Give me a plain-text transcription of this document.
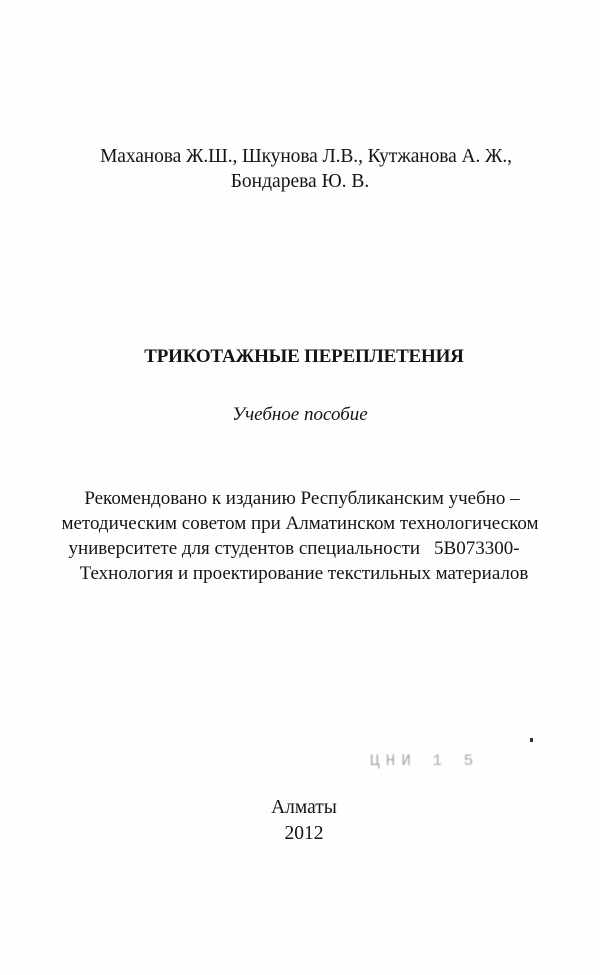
Маханова Ж.Ш., Шкунова Л.В., Кутжанова А. Ж.,
Бондарева Ю. В.
ТРИКОТАЖНЫЕ ПЕРЕПЛЕТЕНИЯ
Учебное пособие
Рекомендовано к изданию Республиканским учебно –
методическим советом при Алматинском технологическом
университете для студентов специальности 5B073300-
Технология и проектирование текстильных материалов
ЦНИ 1 5
Алматы
2012
